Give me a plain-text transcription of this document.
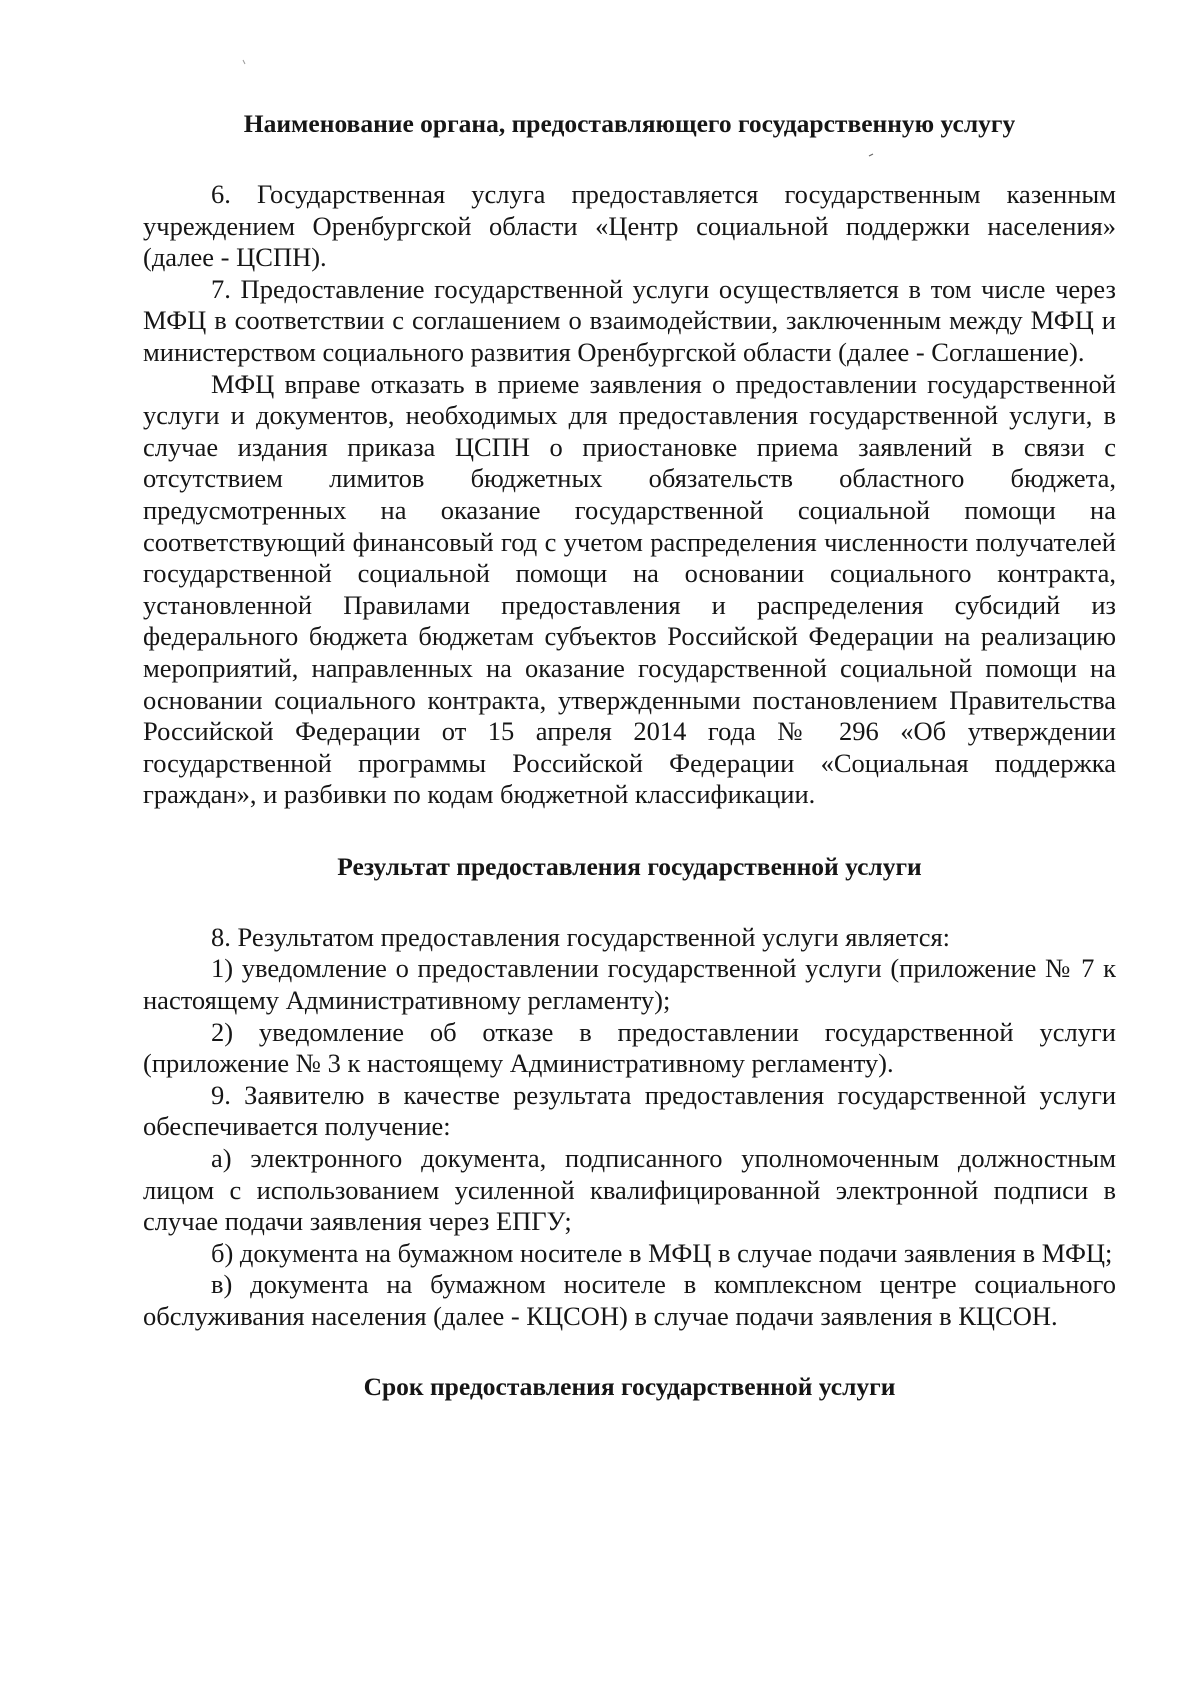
Наименование органа, предоставляющего государственную услугу

6. Государственная услуга предоставляется государственным казенным учреждением Оренбургской области «Центр социальной поддержки населения» (далее - ЦСПН).

7. Предоставление государственной услуги осуществляется в том числе через МФЦ в соответствии с соглашением о взаимодействии, заключенным между МФЦ и министерством социального развития Оренбургской области (далее - Соглашение).

МФЦ вправе отказать в приеме заявления о предоставлении государственной услуги и документов, необходимых для предоставления государственной услуги, в случае издания приказа ЦСПН о приостановке приема заявлений в связи с отсутствием лимитов бюджетных обязательств областного бюджета, предусмотренных на оказание государственной социальной помощи на соответствующий финансовый год с учетом распределения численности получателей государственной социальной помощи на основании социального контракта, установленной Правилами предоставления и распределения субсидий из федерального бюджета бюджетам субъектов Российской Федерации на реализацию мероприятий, направленных на оказание государственной социальной помощи на основании социального контракта, утвержденными постановлением Правительства Российской Федерации от 15 апреля 2014 года № 296 «Об утверждении государственной программы Российской Федерации «Социальная поддержка граждан», и разбивки по кодам бюджетной классификации.

Результат предоставления государственной услуги

8. Результатом предоставления государственной услуги является:

1) уведомление о предоставлении государственной услуги (приложение № 7 к настоящему Административному регламенту);

2) уведомление об отказе в предоставлении государственной услуги (приложение № 3 к настоящему Административному регламенту).

9. Заявителю в качестве результата предоставления государственной услуги обеспечивается получение:

а) электронного документа, подписанного уполномоченным должностным лицом с использованием усиленной квалифицированной электронной подписи в случае подачи заявления через ЕПГУ;

б) документа на бумажном носителе в МФЦ в случае подачи заявления в МФЦ;

в) документа на бумажном носителе в комплексном центре социального обслуживания населения (далее - КЦСОН) в случае подачи заявления в КЦСОН.

Срок предоставления государственной услуги
